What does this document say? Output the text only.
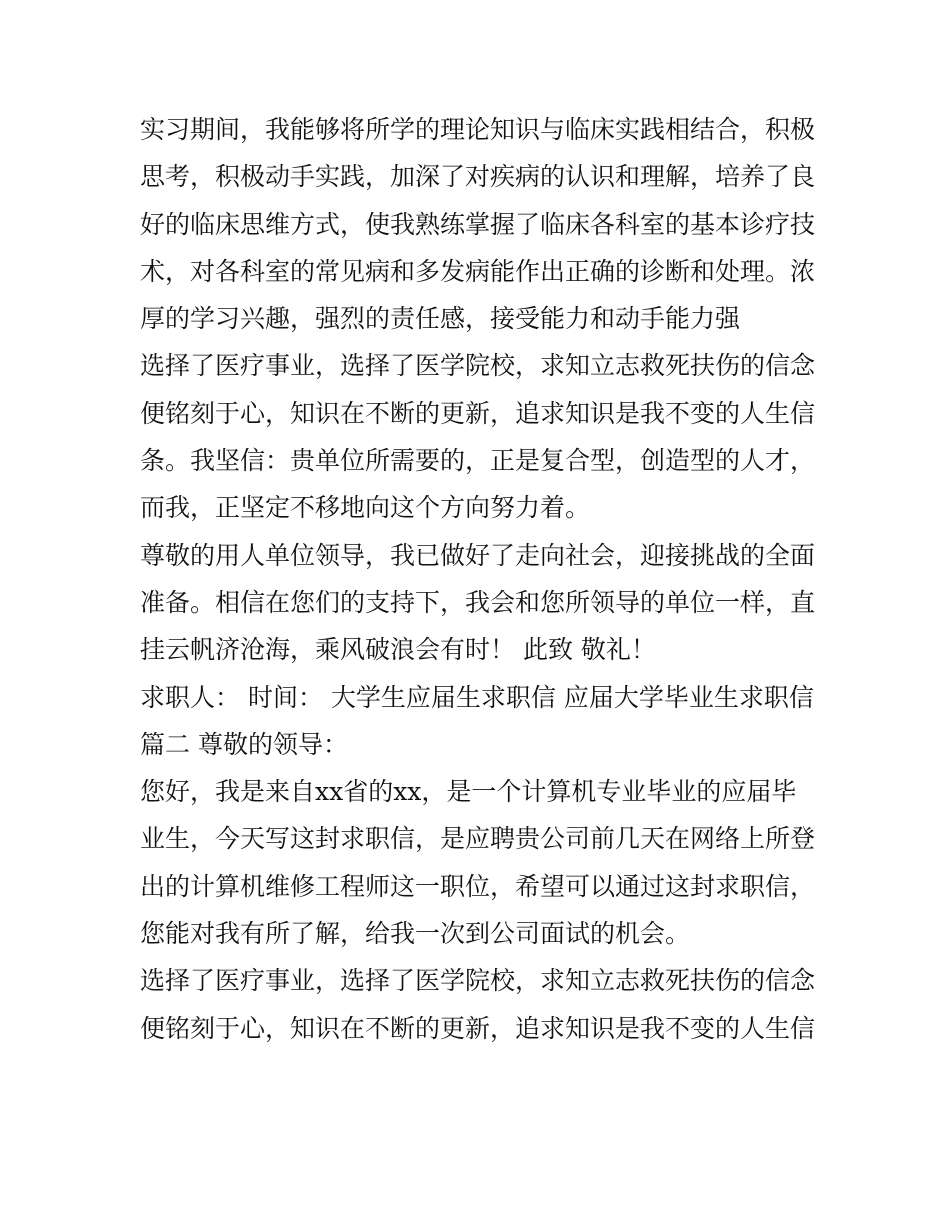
实习期间，我能够将所学的理论知识与临床实践相结合，积极
思考，积极动手实践，加深了对疾病的认识和理解，培养了良
好的临床思维方式，使我熟练掌握了临床各科室的基本诊疗技
术，对各科室的常见病和多发病能作出正确的诊断和处理。浓
厚的学习兴趣，强烈的责任感，接受能力和动手能力强
选择了医疗事业，选择了医学院校，求知立志救死扶伤的信念
便铭刻于心，知识在不断的更新，追求知识是我不变的人生信
条。我坚信：贵单位所需要的，正是复合型，创造型的人才，
而我，正坚定不移地向这个方向努力着。
尊敬的用人单位领导，我已做好了走向社会，迎接挑战的全面
准备。相信在您们的支持下，我会和您所领导的单位一样，直
挂云帆济沧海，乘风破浪会有时！ 此致 敬礼！
求职人： 时间： 大学生应届生求职信 应届大学毕业生求职信
篇二 尊敬的领导：
您好，我是来自xx省的xx，是一个计算机专业毕业的应届毕
业生，今天写这封求职信，是应聘贵公司前几天在网络上所登
出的计算机维修工程师这一职位，希望可以通过这封求职信，
您能对我有所了解，给我一次到公司面试的机会。
选择了医疗事业，选择了医学院校，求知立志救死扶伤的信念
便铭刻于心，知识在不断的更新，追求知识是我不变的人生信
